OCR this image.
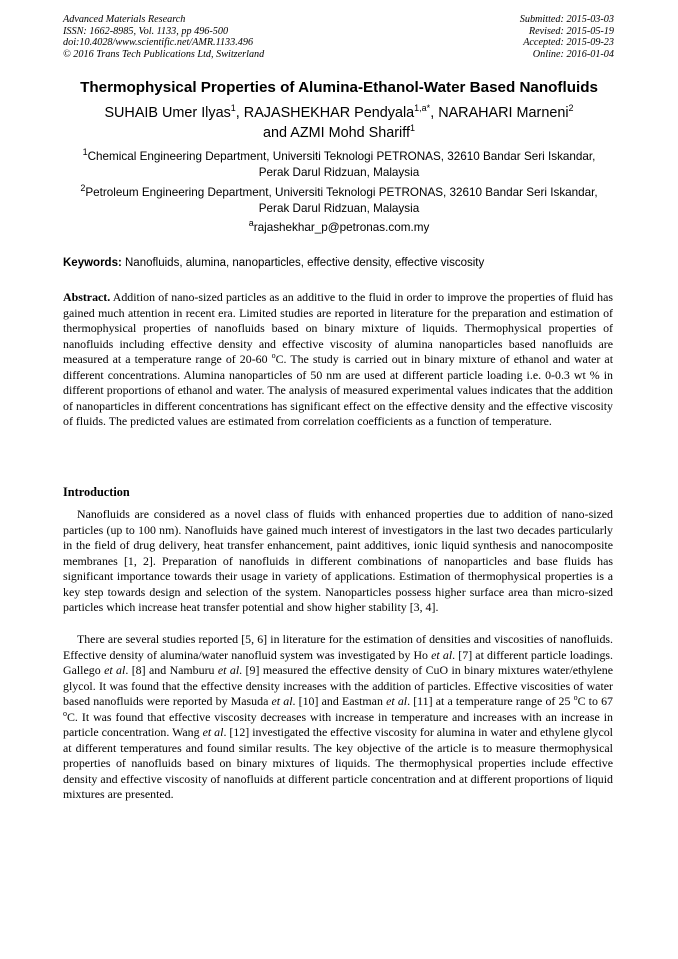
Advanced Materials Research
ISSN: 1662-8985, Vol. 1133, pp 496-500
doi:10.4028/www.scientific.net/AMR.1133.496
© 2016 Trans Tech Publications Ltd, Switzerland
Submitted: 2015-03-03
Revised: 2015-05-19
Accepted: 2015-09-23
Online: 2016-01-04
Thermophysical Properties of Alumina-Ethanol-Water Based Nanofluids
SUHAIB Umer Ilyas$^1$, RAJASHEKHAR Pendyala$^{1,a*}$, NARAHARI Marneni$^2$
and AZMI Mohd Shariff$^1$
$^1$Chemical Engineering Department, Universiti Teknologi PETRONAS, 32610 Bandar Seri Iskandar, Perak Darul Ridzuan, Malaysia
$^2$Petroleum Engineering Department, Universiti Teknologi PETRONAS, 32610 Bandar Seri Iskandar, Perak Darul Ridzuan, Malaysia
$^a$rajashekhar_p@petronas.com.my
Keywords: Nanofluids, alumina, nanoparticles, effective density, effective viscosity
Abstract. Addition of nano-sized particles as an additive to the fluid in order to improve the properties of fluid has gained much attention in recent era. Limited studies are reported in literature for the preparation and estimation of thermophysical properties of nanofluids based on binary mixture of liquids. Thermophysical properties of nanofluids including effective density and effective viscosity of alumina nanoparticles based nanofluids are measured at a temperature range of 20-60 $^o$C. The study is carried out in binary mixture of ethanol and water at different concentrations. Alumina nanoparticles of 50 nm are used at different particle loading i.e. 0-0.3 wt % in different proportions of ethanol and water. The analysis of measured experimental values indicates that the addition of nanoparticles in different concentrations has significant effect on the effective density and the effective viscosity of fluids. The predicted values are estimated from correlation coefficients as a function of temperature.
Introduction
Nanofluids are considered as a novel class of fluids with enhanced properties due to addition of nano-sized particles (up to 100 nm). Nanofluids have gained much interest of investigators in the last two decades particularly in the field of drug delivery, heat transfer enhancement, paint additives, ionic liquid synthesis and nanocomposite membranes [1, 2]. Preparation of nanofluids in different combinations of nanoparticles and base fluids has significant importance towards their usage in variety of applications. Estimation of thermophysical properties is a key step towards design and selection of the system. Nanoparticles possess higher surface area than micro-sized particles which increase heat transfer potential and show higher stability [3, 4].
There are several studies reported [5, 6] in literature for the estimation of densities and viscosities of nanofluids. Effective density of alumina/water nanofluid system was investigated by Ho et al. [7] at different particle loadings. Gallego et al. [8] and Namburu et al. [9] measured the effective density of CuO in binary mixtures water/ethylene glycol. It was found that the effective density increases with the addition of particles. Effective viscosities of water based nanofluids were reported by Masuda et al. [10] and Eastman et al. [11] at a temperature range of 25 $^o$C to 67 $^o$C. It was found that effective viscosity decreases with increase in temperature and increases with an increase in particle concentration. Wang et al. [12] investigated the effective viscosity for alumina in water and ethylene glycol at different temperatures and found similar results. The key objective of the article is to measure thermophysical properties of nanofluids based on binary mixtures of liquids. The thermophysical properties include effective density and effective viscosity of nanofluids at different particle concentration and at different proportions of liquid mixtures are presented.
